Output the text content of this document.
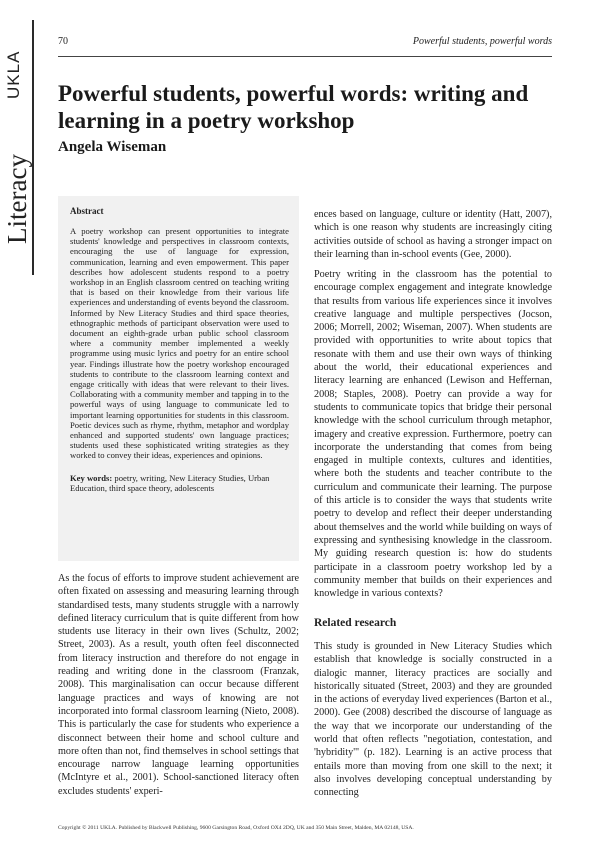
UKLA
Literacy
70	Powerful students, powerful words
Powerful students, powerful words: writing and learning in a poetry workshop
Angela Wiseman
Abstract

A poetry workshop can present opportunities to integrate students' knowledge and perspectives in classroom contexts, encouraging the use of language for expression, communication, learning and even empowerment. This paper describes how adolescent students respond to a poetry workshop in an English classroom centred on teaching writing that is based on their knowledge from their various life experiences and understanding of events beyond the classroom. Informed by New Literacy Studies and third space theories, ethnographic methods of participant observation were used to document an eighth-grade urban public school classroom where a community member implemented a weekly programme using music lyrics and poetry for an entire school year. Findings illustrate how the poetry workshop encouraged students to contribute to the classroom learning context and engage critically with ideas that were relevant to their lives. Collaborating with a community member and tapping in to the powerful ways of using language to communicate led to important learning opportunities for students in this classroom. Poetic devices such as rhyme, rhythm, metaphor and wordplay enhanced and supported students' own language practices; students used these sophisticated writing strategies as they worked to convey their ideas, experiences and opinions.

Key words: poetry, writing, New Literacy Studies, Urban Education, third space theory, adolescents

As the focus of efforts to improve student achievement are often fixated on assessing and measuring learning through standardised tests, many students struggle with a narrowly defined literacy curriculum that is quite different from how students use literacy in their own lives (Schultz, 2002; Street, 2003). As a result, youth often feel disconnected from literacy instruction and therefore do not engage in reading and writing done in the classroom (Franzak, 2008). This marginalisation can occur because different language practices and ways of knowing are not incorporated into formal classroom learning (Nieto, 2008). This is particularly the case for students who experience a disconnect between their home and school culture and more often than not, find themselves in school settings that encourage narrow language learning opportunities (McIntyre et al., 2001). School-sanctioned literacy often excludes students' experi-

ences based on language, culture or identity (Hatt, 2007), which is one reason why students are increasingly citing activities outside of school as having a stronger impact on their learning than in-school events (Gee, 2000).

Poetry writing in the classroom has the potential to encourage complex engagement and integrate knowledge that results from various life experiences since it involves creative language and multiple perspectives (Jocson, 2006; Morrell, 2002; Wiseman, 2007). When students are provided with opportunities to write about topics that resonate with them and use their own ways of thinking about the world, their educational experiences and literacy learning are enhanced (Lewison and Heffernan, 2008; Staples, 2008). Poetry can provide a way for students to communicate topics that bridge their personal knowledge with the school curriculum through metaphor, imagery and creative expression. Furthermore, poetry can incorporate the understanding that comes from being engaged in multiple contexts, cultures and identities, where both the students and teacher contribute to the curriculum and communicate their learning. The purpose of this article is to consider the ways that students write poetry to develop and reflect their deeper understanding about themselves and the world while building on ways of expressing and synthesising knowledge in the classroom. My guiding research question is: how do students participate in a classroom poetry workshop led by a community member that builds on their experiences and knowledge in various contexts?

Related research

This study is grounded in New Literacy Studies which establish that knowledge is socially constructed in a dialogic manner, literacy practices are socially and historically situated (Street, 2003) and they are grounded in the actions of everyday lived experiences (Barton et al., 2000). Gee (2008) described the discourse of language as the way that we incorporate our understanding of the world that often reflects "negotiation, contestation, and 'hybridity'" (p. 182). Learning is an active process that entails more than moving from one skill to the next; it also involves developing conceptual understanding by connecting

Copyright © 2011 UKLA. Published by Blackwell Publishing, 9600 Garsington Road, Oxford OX4 2DQ, UK and 350 Main Street, Malden, MA 02148, USA.
